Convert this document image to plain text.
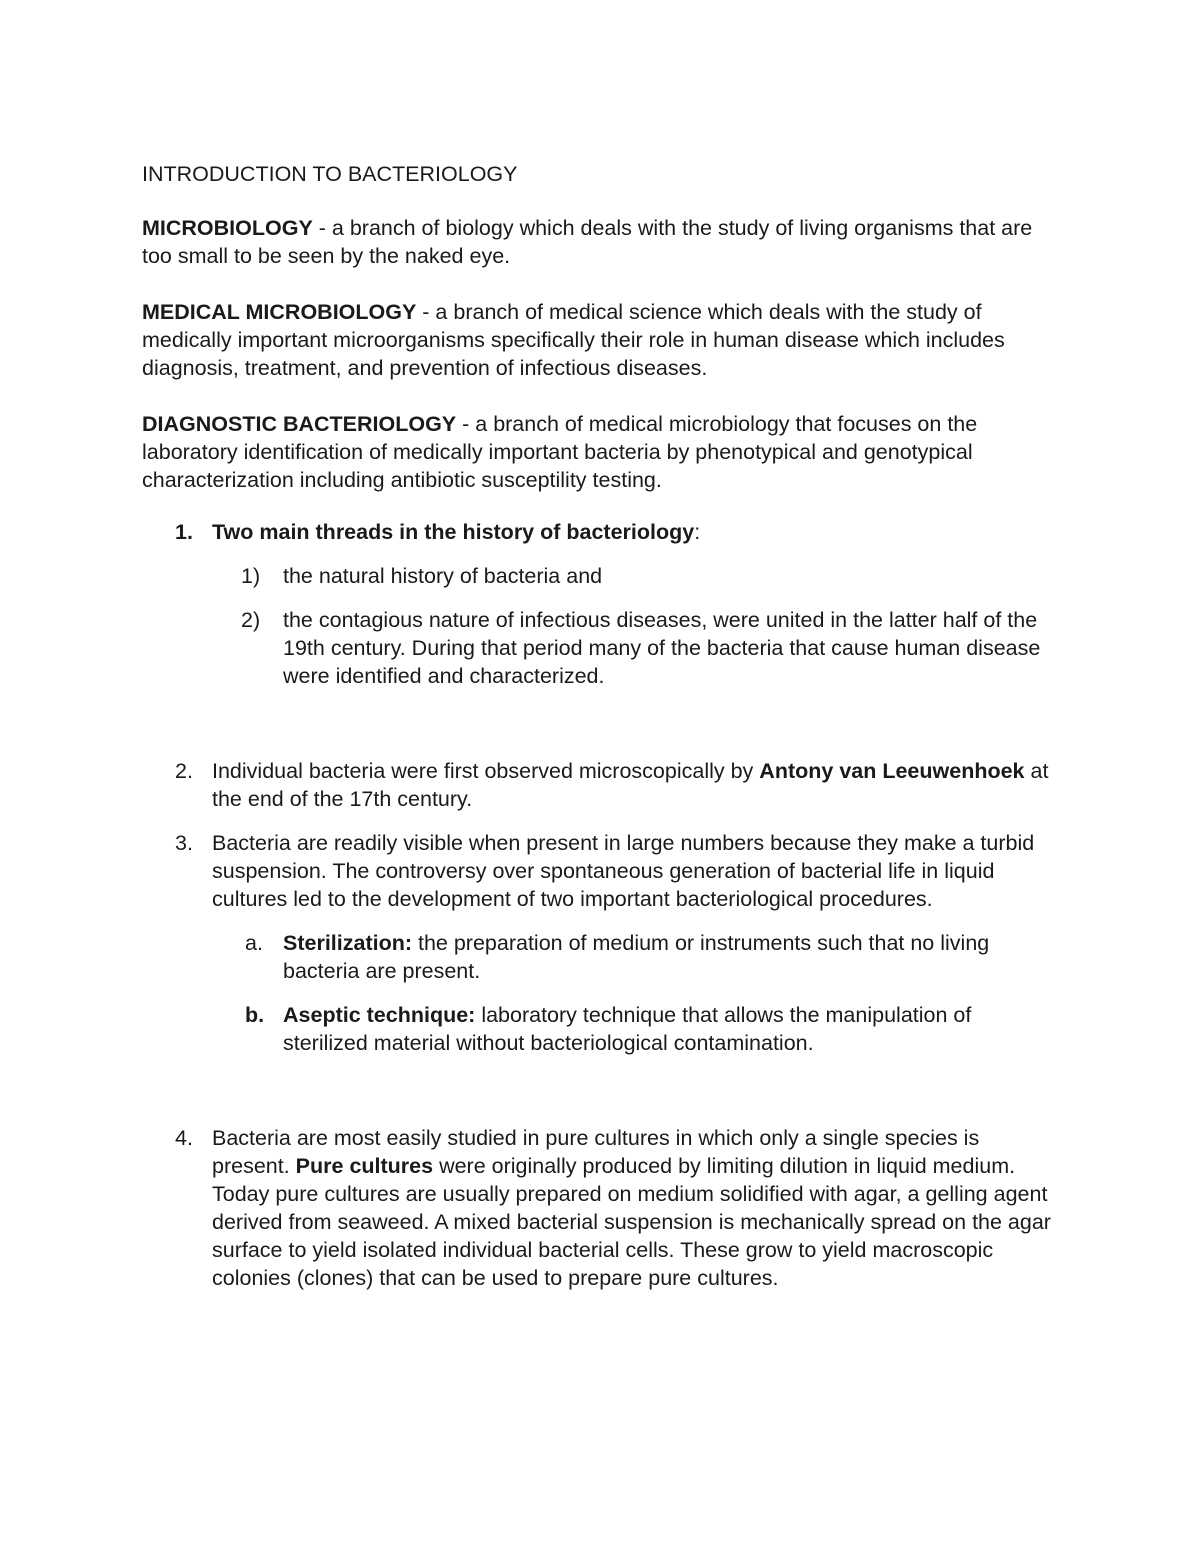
INTRODUCTION TO BACTERIOLOGY

MICROBIOLOGY - a branch of biology which deals with the study of living organisms that are too small to be seen by the naked eye.

MEDICAL MICROBIOLOGY - a branch of medical science which deals with the study of medically important microorganisms specifically their role in human disease which includes diagnosis, treatment, and prevention of infectious diseases.

DIAGNOSTIC BACTERIOLOGY - a branch of medical microbiology that focuses on the laboratory identification of medically important bacteria by phenotypical and genotypical characterization including antibiotic susceptility testing.

1. Two main threads in the history of bacteriology:
1) the natural history of bacteria and
2) the contagious nature of infectious diseases, were united in the latter half of the 19th century. During that period many of the bacteria that cause human disease were identified and characterized.
2. Individual bacteria were first observed microscopically by Antony van Leeuwenhoek at the end of the 17th century.
3. Bacteria are readily visible when present in large numbers because they make a turbid suspension. The controversy over spontaneous generation of bacterial life in liquid cultures led to the development of two important bacteriological procedures.
a. Sterilization: the preparation of medium or instruments such that no living bacteria are present.
b. Aseptic technique: laboratory technique that allows the manipulation of sterilized material without bacteriological contamination.
4. Bacteria are most easily studied in pure cultures in which only a single species is present. Pure cultures were originally produced by limiting dilution in liquid medium. Today pure cultures are usually prepared on medium solidified with agar, a gelling agent derived from seaweed. A mixed bacterial suspension is mechanically spread on the agar surface to yield isolated individual bacterial cells. These grow to yield macroscopic colonies (clones) that can be used to prepare pure cultures.
